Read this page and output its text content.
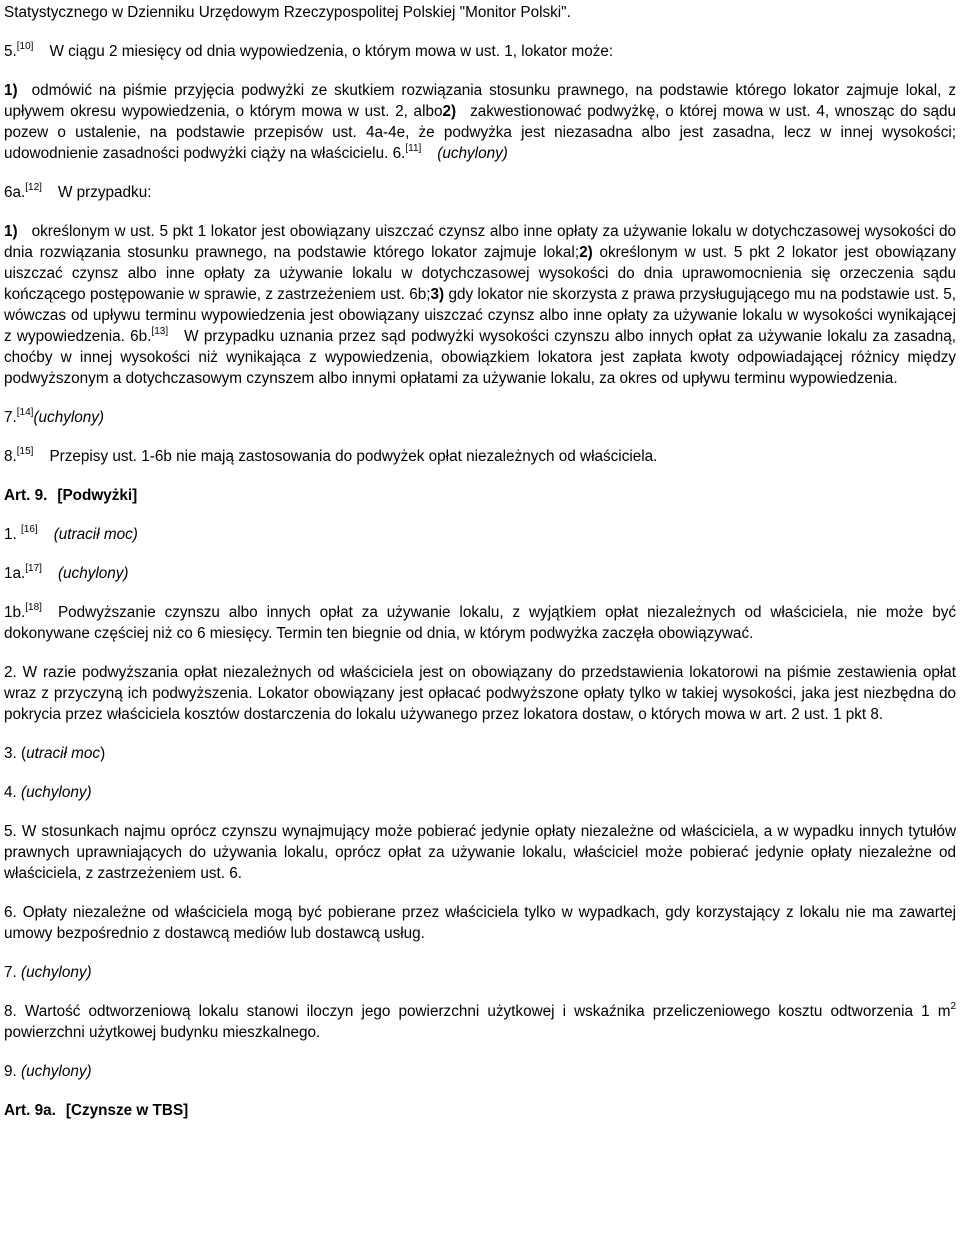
Statystycznego w Dzienniku Urzędowym Rzeczypospolitej Polskiej "Monitor Polski".

5.[10] W ciągu 2 miesięcy od dnia wypowiedzenia, o którym mowa w ust. 1, lokator może:

1) odmówić na piśmie przyjęcia podwyżki ze skutkiem rozwiązania stosunku prawnego, na podstawie którego lokator zajmuje lokal, z upływem okresu wypowiedzenia, o którym mowa w ust. 2, albo2) zakwestionować podwyżkę, o której mowa w ust. 4, wnosząc do sądu pozew o ustalenie, na podstawie przepisów ust. 4a-4e, że podwyżka jest niezasadna albo jest zasadna, lecz w innej wysokości; udowodnienie zasadności podwyżki ciąży na właścicielu. 6.[11] (uchylony)

6a.[12] W przypadku:

1) określonym w ust. 5 pkt 1 lokator jest obowiązany uiszczać czynsz albo inne opłaty za używanie lokalu w dotychczasowej wysokości do dnia rozwiązania stosunku prawnego, na podstawie którego lokator zajmuje lokal;2) określonym w ust. 5 pkt 2 lokator jest obowiązany uiszczać czynsz albo inne opłaty za używanie lokalu w dotychczasowej wysokości do dnia uprawomocnienia się orzeczenia sądu kończącego postępowanie w sprawie, z zastrzeżeniem ust. 6b;3) gdy lokator nie skorzysta z prawa przysługującego mu na podstawie ust. 5, wówczas od upływu terminu wypowiedzenia jest obowiązany uiszczać czynsz albo inne opłaty za używanie lokalu w wysokości wynikającej z wypowiedzenia. 6b.[13] W przypadku uznania przez sąd podwyżki wysokości czynszu albo innych opłat za używanie lokalu za zasadną, choćby w innej wysokości niż wynikająca z wypowiedzenia, obowiązkiem lokatora jest zapłata kwoty odpowiadającej różnicy między podwyższonym a dotychczasowym czynszem albo innymi opłatami za używanie lokalu, za okres od upływu terminu wypowiedzenia.

7.[14](uchylony)

8.[15] Przepisy ust. 1-6b nie mają zastosowania do podwyżek opłat niezależnych od właściciela.

Art. 9. [Podwyżki]

1. [16] (utracił moc)

1a.[17] (uchylony)

1b.[18] Podwyższanie czynszu albo innych opłat za używanie lokalu, z wyjątkiem opłat niezależnych od właściciela, nie może być dokonywane częściej niż co 6 miesięcy. Termin ten biegnie od dnia, w którym podwyżka zaczęła obowiązywać.

2. W razie podwyższania opłat niezależnych od właściciela jest on obowiązany do przedstawienia lokatorowi na piśmie zestawienia opłat wraz z przyczyną ich podwyższenia. Lokator obowiązany jest opłacać podwyższone opłaty tylko w takiej wysokości, jaka jest niezbędna do pokrycia przez właściciela kosztów dostarczenia do lokalu używanego przez lokatora dostaw, o których mowa w art. 2 ust. 1 pkt 8.

3. (utracił moc)

4. (uchylony)

5. W stosunkach najmu oprócz czynszu wynajmujący może pobierać jedynie opłaty niezależne od właściciela, a w wypadku innych tytułów prawnych uprawniających do używania lokalu, oprócz opłat za używanie lokalu, właściciel może pobierać jedynie opłaty niezależne od właściciela, z zastrzeżeniem ust. 6.

6. Opłaty niezależne od właściciela mogą być pobierane przez właściciela tylko w wypadkach, gdy korzystający z lokalu nie ma zawartej umowy bezpośrednio z dostawcą mediów lub dostawcą usług.

7. (uchylony)

8. Wartość odtworzeniową lokalu stanowi iloczyn jego powierzchni użytkowej i wskaźnika przeliczeniowego kosztu odtworzenia 1 $m^2$ powierzchni użytkowej budynku mieszkalnego.

9. (uchylony)

Art. 9a. [Czynsze w TBS]
